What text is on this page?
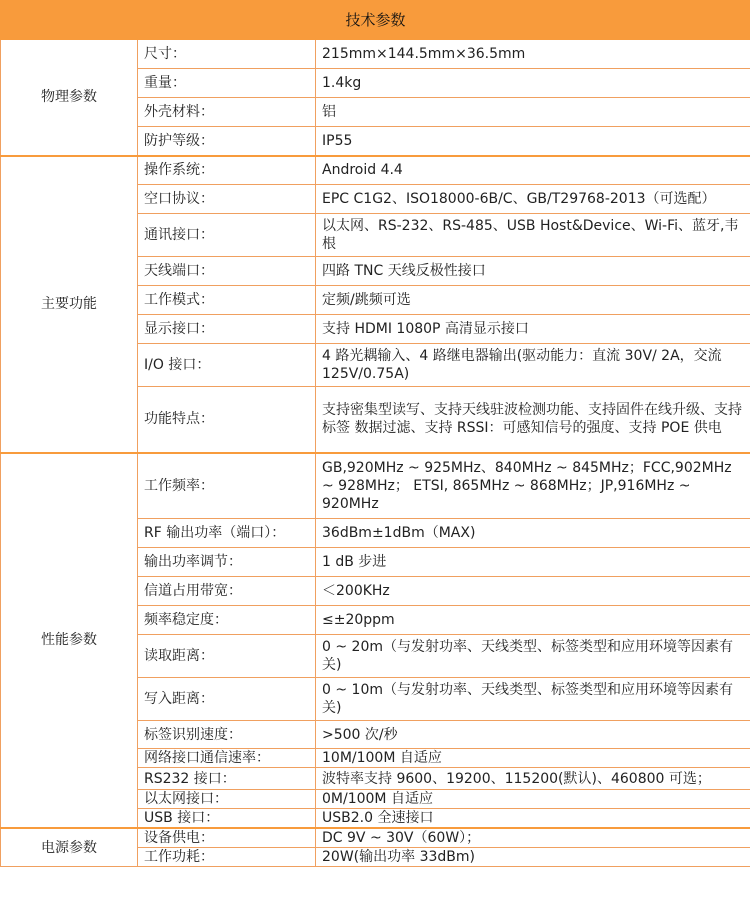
技术参数		
物理参数	尺寸：	215mm×144.5mm×36.5mm
	重量：	1.4kg
	外壳材料：	铝
	防护等级：	IP55
主要功能	操作系统：	Android 4.4
	空口协议：	EPC C1G2、ISO18000-6B/C、GB/T29768-2013（可选配）
	通讯接口：	以太网、RS-232、RS-485、USB Host&Device、Wi-Fi、蓝牙,韦根
	天线端口：	四路 TNC 天线反极性接口
	工作模式：	定频/跳频可选
	显示接口：	支持 HDMI 1080P 高清显示接口
	I/O 接口：	4 路光耦输入、4 路继电器输出(驱动能力：直流 30V/ 2A，交流 125V/0.75A)
	功能特点：	支持密集型读写、支持天线驻波检测功能、支持固件在线升级、支持标签 数据过滤、支持 RSSI：可感知信号的强度、支持 POE 供电
性能参数	工作频率：	GB,920MHz ~ 925MHz、840MHz ~ 845MHz；FCC,902MHz ~ 928MHz； ETSI, 865MHz ~ 868MHz；JP,916MHz ~ 920MHz
	RF 输出功率（端口）：	36dBm±1dBm（MAX)
	输出功率调节：	1 dB 步进
	信道占用带宽：	＜200KHz
	频率稳定度：	≤±20ppm
	读取距离：	0 ~ 20m（与发射功率、天线类型、标签类型和应用环境等因素有关)
	写入距离：	0 ~ 10m（与发射功率、天线类型、标签类型和应用环境等因素有关)
	标签识别速度：	>500 次/秒
	网络接口通信速率：	10M/100M 自适应
	RS232 接口：	波特率支持 9600、19200、115200(默认)、460800 可选；
	以太网接口：	0M/100M 自适应
	USB 接口：	USB2.0 全速接口
电源参数	设备供电：	DC 9V ~ 30V（60W）；
	工作功耗：	20W(输出功率 33dBm)
